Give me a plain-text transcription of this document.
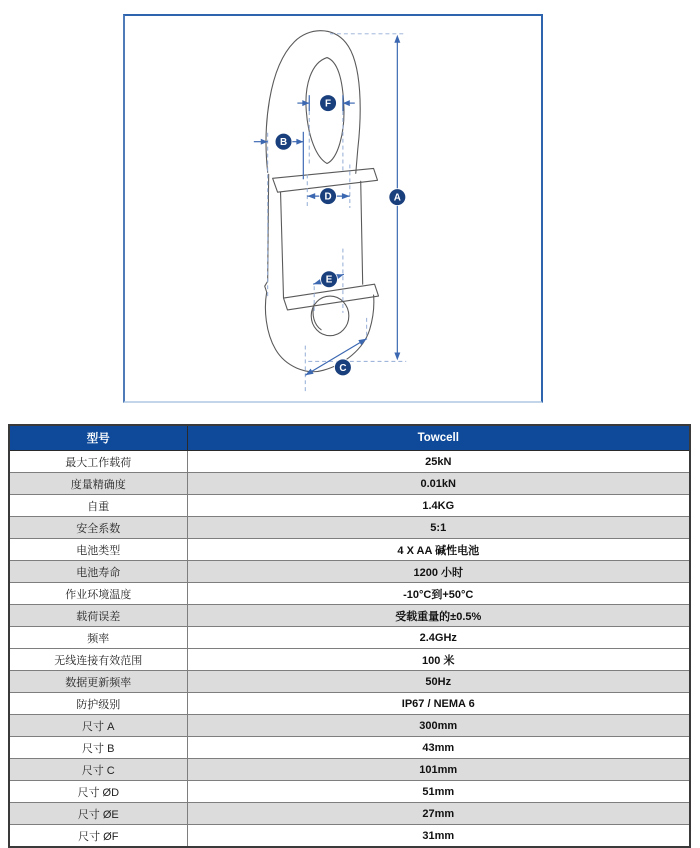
F
B
D	A
E
C
型号	Towcell
最大工作载荷	25kN
度量精确度	0.01kN
自重	1.4KG
安全系数	5:1
电池类型	4 X AA 碱性电池
电池寿命	1200 小时
作业环境温度	-10°C到+50°C
载荷误差	受载重量的±0.5%
频率	2.4GHz
无线连接有效范围	100 米
数据更新频率	50Hz
防护级别	IP67 / NEMA 6
尺寸 A	300mm
尺寸 B	43mm
尺寸 C	101mm
尺寸 ØD	51mm
尺寸 ØE	27mm
尺寸 ØF	31mm
